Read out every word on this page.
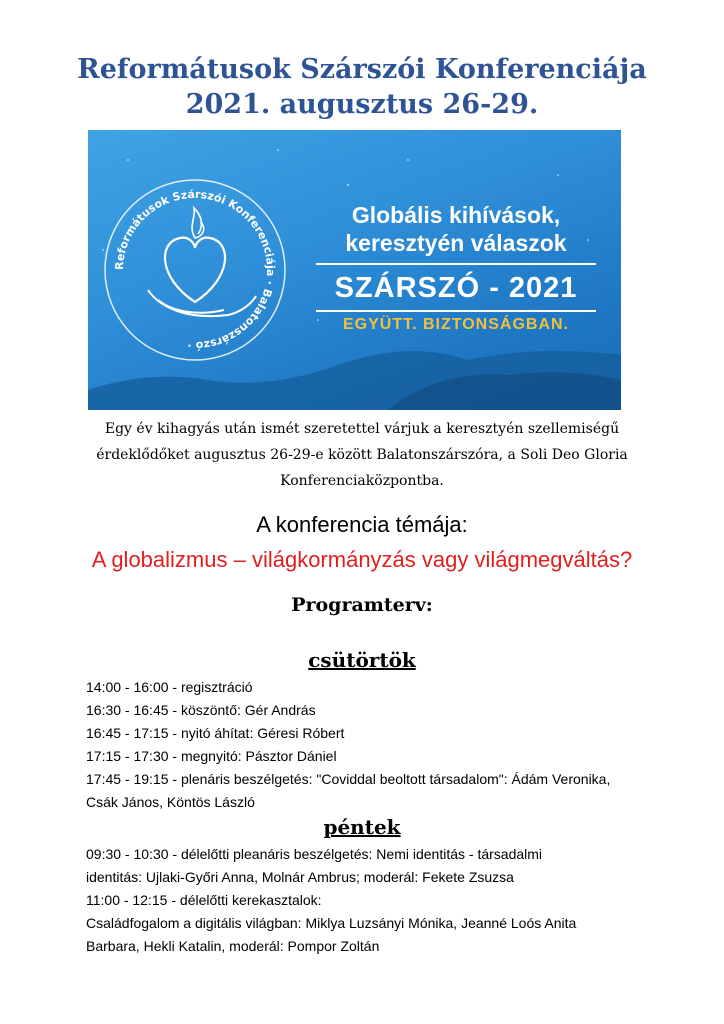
Reformátusok Szárszói Konferenciája
2021. augusztus 26-29.
Reformátusok Szárszói Konferenciája · Balatonszárszó ·
Globális kihívások,
keresztyén válaszok
SZÁRSZÓ - 2021
EGYÜTT. BIZTONSÁGBAN.
Egy év kihagyás után ismét szeretettel várjuk a keresztyén szellemiségű
érdeklődőket augusztus 26-29-e között Balatonszárszóra, a Soli Deo Gloria
Konferenciaközpontba.
A konferencia témája:
A globalizmus – világkormányzás vagy világmegváltás?
Programterv:
csütörtök
14:00 - 16:00 - regisztráció
16:30 - 16:45 - köszöntő: Gér András
16:45 - 17:15 - nyitó áhítat: Géresi Róbert
17:15 - 17:30 - megnyitó: Pásztor Dániel
17:45 - 19:15 - plenáris beszélgetés: "Coviddal beoltott társadalom": Ádám Veronika,
Csák János, Köntös László
péntek
09:30 - 10:30 - délelőtti pleanáris beszélgetés: Nemi identitás - társadalmi
identitás: Ujlaki-Győri Anna, Molnár Ambrus; moderál: Fekete Zsuzsa
11:00 - 12:15 - délelőtti kerekasztalok:
Családfogalom a digitális világban: Miklya Luzsányi Mónika, Jeanné Loós Anita
Barbara, Hekli Katalin, moderál: Pompor Zoltán
